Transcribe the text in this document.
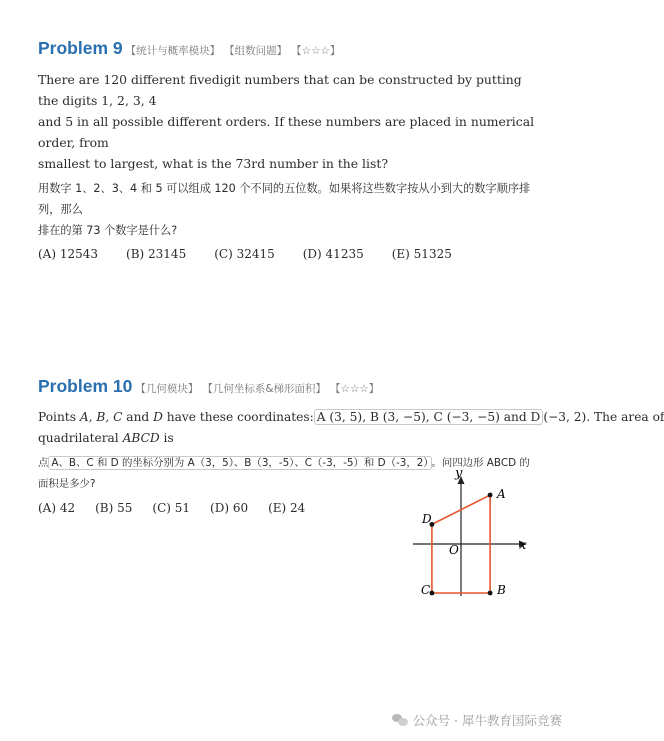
Problem 9 【统计与概率模块】 【组数问题】 【☆☆☆】
There are 120 different fivedigit numbers that can be constructed by putting the digits 1, 2, 3, 4
and 5 in all possible different orders. If these numbers are placed in numerical order, from
smallest to largest, what is the 73rd number in the list?
用数字 1、2、3、4 和 5 可以组成 120 个不同的五位数。如果将这些数字按从小到大的数字顺序排列，那么
排在的第 73 个数字是什么?
(A) 12543 (B) 23145 (C) 32415 (D) 41235 (E) 51325
Problem 10 【几何模块】 【几何坐标系&梯形面积】 【☆☆☆】
Points A, B, C and D have these coordinates: A (3, 5), B (3, −5), C (−3, −5) and D (−3, 2). The area of
quadrilateral ABCD is
点 A、B、C 和 D 的坐标分别为 A（3，5）、B（3，-5）、C（-3，-5）和 D（-3，2） 。问四边形 ABCD 的
面积是多少?
(A) 42 (B) 55 (C) 51 (D) 60 (E) 24
y
x
O
A
B
C
D
公众号 · 犀牛教育国际竞赛
